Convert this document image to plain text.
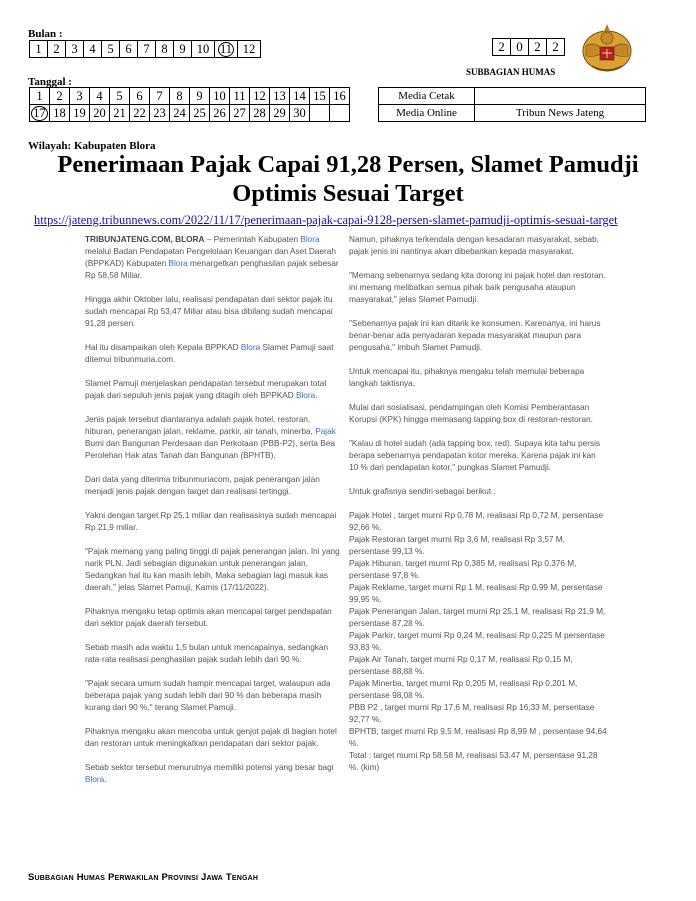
Bulan :
1	2	3	4	5	6	7	8	9	10	11	12	2	0	2	2
SUBBAGIAN HUMAS
Tanggal :
1	2	3	4	5	6	7	8	9	10	11	12	13	14	15	16
17	18	19	20	21	22	23	24	25	26	27	28	29	30		
Media Cetak	
Media Online	Tribun News Jateng
Wilayah: Kabupaten Blora
Penerimaan Pajak Capai 91,28 Persen, Slamet Pamudji Optimis Sesuai Target
https://jateng.tribunnews.com/2022/11/17/penerimaan-pajak-capai-9128-persen-slamet-pamudji-optimis-sesuai-target

TRIBUNJATENG.COM, BLORA – Pemerintah Kabupaten Blora melalui Badan Pendapatan Pengelolaan Keuangan dan Aset Daerah (BPPKAD) Kabupaten Blora menargetkan penghasilan pajak sebesar Rp 58,58 Miliar.

Hingga akhir Oktober lalu, realisasi pendapatan dari sektor pajak itu sudah mencapai Rp 53,47 Miliar atau bisa dibilang sudah mencapai 91,28 persen.

Hal itu disampaikan oleh Kepala BPPKAD Blora Slamet Pamuji saat ditemui tribunmuria.com.

Slamet Pamuji menjelaskan pendapatan tersebut merupakan total pajak dari sepuluh jenis pajak yang ditagih oleh BPPKAD Blora.

Jenis pajak tersebut diantaranya adalah pajak hotel, restoran, hiburan, penerangan jalan, reklame, parkir, air tanah, minerba, Pajak Bumi dan Bangunan Perdesaan dan Perkotaan (PBB-P2), serta Bea Perolehan Hak atas Tanah dan Bangunan (BPHTB).

Dari data yang diterima tribunmuriacom, pajak penerangan jalan menjadi jenis pajak dengan target dan realisasi tertinggi.

Yakni dengan target Rp 25,1 miliar dan realisasinya sudah mencapai Rp 21,9 miliar.

"Pajak memang yang paling tinggi di pajak penerangan jalan. Ini yang narik PLN. Jadi sebagian digunakan untuk penerangan jalan, Sedangkan hal itu kan masih lebih, Maka sebagian lagi masuk kas daerah," jelas Slamet Pamuji, Kamis (17/11/2022).

Pihaknya mengaku tetap optimis akan mencapai target pendapatan dari sektor pajak daerah tersebut.

Sebab masih ada waktu 1,5 bulan untuk mencapainya, sedangkan rata-rata realisasi penghasilan pajak sudah lebih dari 90 %.

"Pajak secara umum sudah hampir mencapai target, walaupun ada beberapa pajak yang sudah lebih dari 90 % dan beberapa masih kurang dari 90 %," terang Slamet Pamuji.

Pihaknya mengaku akan mencoba untuk genjot pajak di bagian hotel dan restoran untuk meningkatkan pendapatan dari sektor pajak.

Sebab sektor tersebut menurutnya memiliki potensi yang besar bagi Blora.

Namun, pihaknya terkendala dengan kesadaran masyarakat, sebab, pajak jenis ini nantinya akan dibebankan kepada masyarakat.

"Memang sebenarnya sedang kita dorong ini pajak hotel dan restoran. ini memang melibatkan semua pihak baik pengusaha ataupun masyarakat," jelas Slamet Pamudji.

"Sebenarnya pajak ini kan ditarik ke konsumen. Karenanya, ini harus benar-benar ada penyadaran kepada masyarakat maupun para pengusaha," imbuh Slamet Pamudji.

Untuk mencapai itu, pihaknya mengaku telah memulai beberapa langkah taktisnya.

Mulai dari sosialisasi, pendampingan oleh Komisi Pemberantasan Korupsi (KPK) hingga memasang tapping box di restoran-restoran.

"Kalau di hotel sudah (ada tapping box, red). Supaya kita tahu persis berapa sebenarnya pendapatan kotor mereka. Karena pajak ini kan 10 % dari pendapatan kotor," pungkas Slamet Pamudji.

Untuk grafisnya sendiri sebagai berikut :

Pajak Hotel , target murni Rp 0,78 M, realisasi Rp 0,72 M, persentase 92,66 %.

Pajak Restoran target murni Rp 3,6 M, realisasi Rp 3,57 M, persentase 99,13 %.

Pajak Hiburan, target murni Rp 0,385 M, realisasi Rp 0,376 M, persentase 97,8 %.

Pajak Reklame, target murni Rp 1 M, realisasi Rp 0,99 M, persentase 99,95 %.

Pajak Penerangan Jalan, target murni Rp 25,1 M, realisasi Rp 21,9 M, persentase 87,28 %.

Pajak Parkir, target murni Rp 0,24 M, realisasi Rp 0,225 M persentase 93,83 %.

Pajak Air Tanah, target murni Rp 0,17 M, realisasi Rp 0,15 M, persentase 88,88 %.

Pajak Minerba, target murni Rp 0,205 M, realisasi Rp 0,201 M, persentase 98,08 %.

PBB P2 , target murni Rp 17,6 M, realisasi Rp 16,33 M, persentase 92,77 %.

BPHTB, target murni Rp 9,5 M, realisasi Rp 8,99 M , persentase 94,64 %.

Total : target murni Rp 58.58 M, realisasi 53.47 M, persentase 91,28 %. (kim)

Subbagian Humas Perwakilan Provinsi Jawa Tengah
